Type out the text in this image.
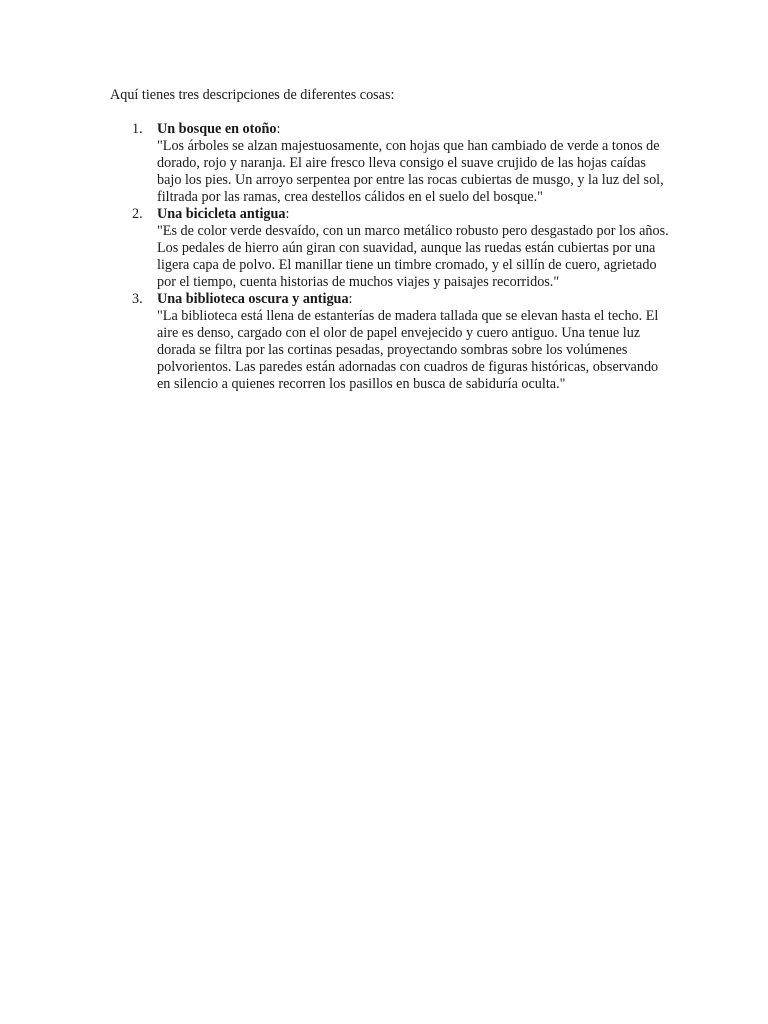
Aquí tienes tres descripciones de diferentes cosas:

1. Un bosque en otoño:
"Los árboles se alzan majestuosamente, con hojas que han cambiado de verde a tonos de dorado, rojo y naranja. El aire fresco lleva consigo el suave crujido de las hojas caídas bajo los pies. Un arroyo serpentea por entre las rocas cubiertas de musgo, y la luz del sol, filtrada por las ramas, crea destellos cálidos en el suelo del bosque."
2. Una bicicleta antigua:
"Es de color verde desvaído, con un marco metálico robusto pero desgastado por los años. Los pedales de hierro aún giran con suavidad, aunque las ruedas están cubiertas por una ligera capa de polvo. El manillar tiene un timbre cromado, y el sillín de cuero, agrietado por el tiempo, cuenta historias de muchos viajes y paisajes recorridos."
3. Una biblioteca oscura y antigua:
"La biblioteca está llena de estanterías de madera tallada que se elevan hasta el techo. El aire es denso, cargado con el olor de papel envejecido y cuero antiguo. Una tenue luz dorada se filtra por las cortinas pesadas, proyectando sombras sobre los volúmenes polvorientos. Las paredes están adornadas con cuadros de figuras históricas, observando en silencio a quienes recorren los pasillos en busca de sabiduría oculta."
